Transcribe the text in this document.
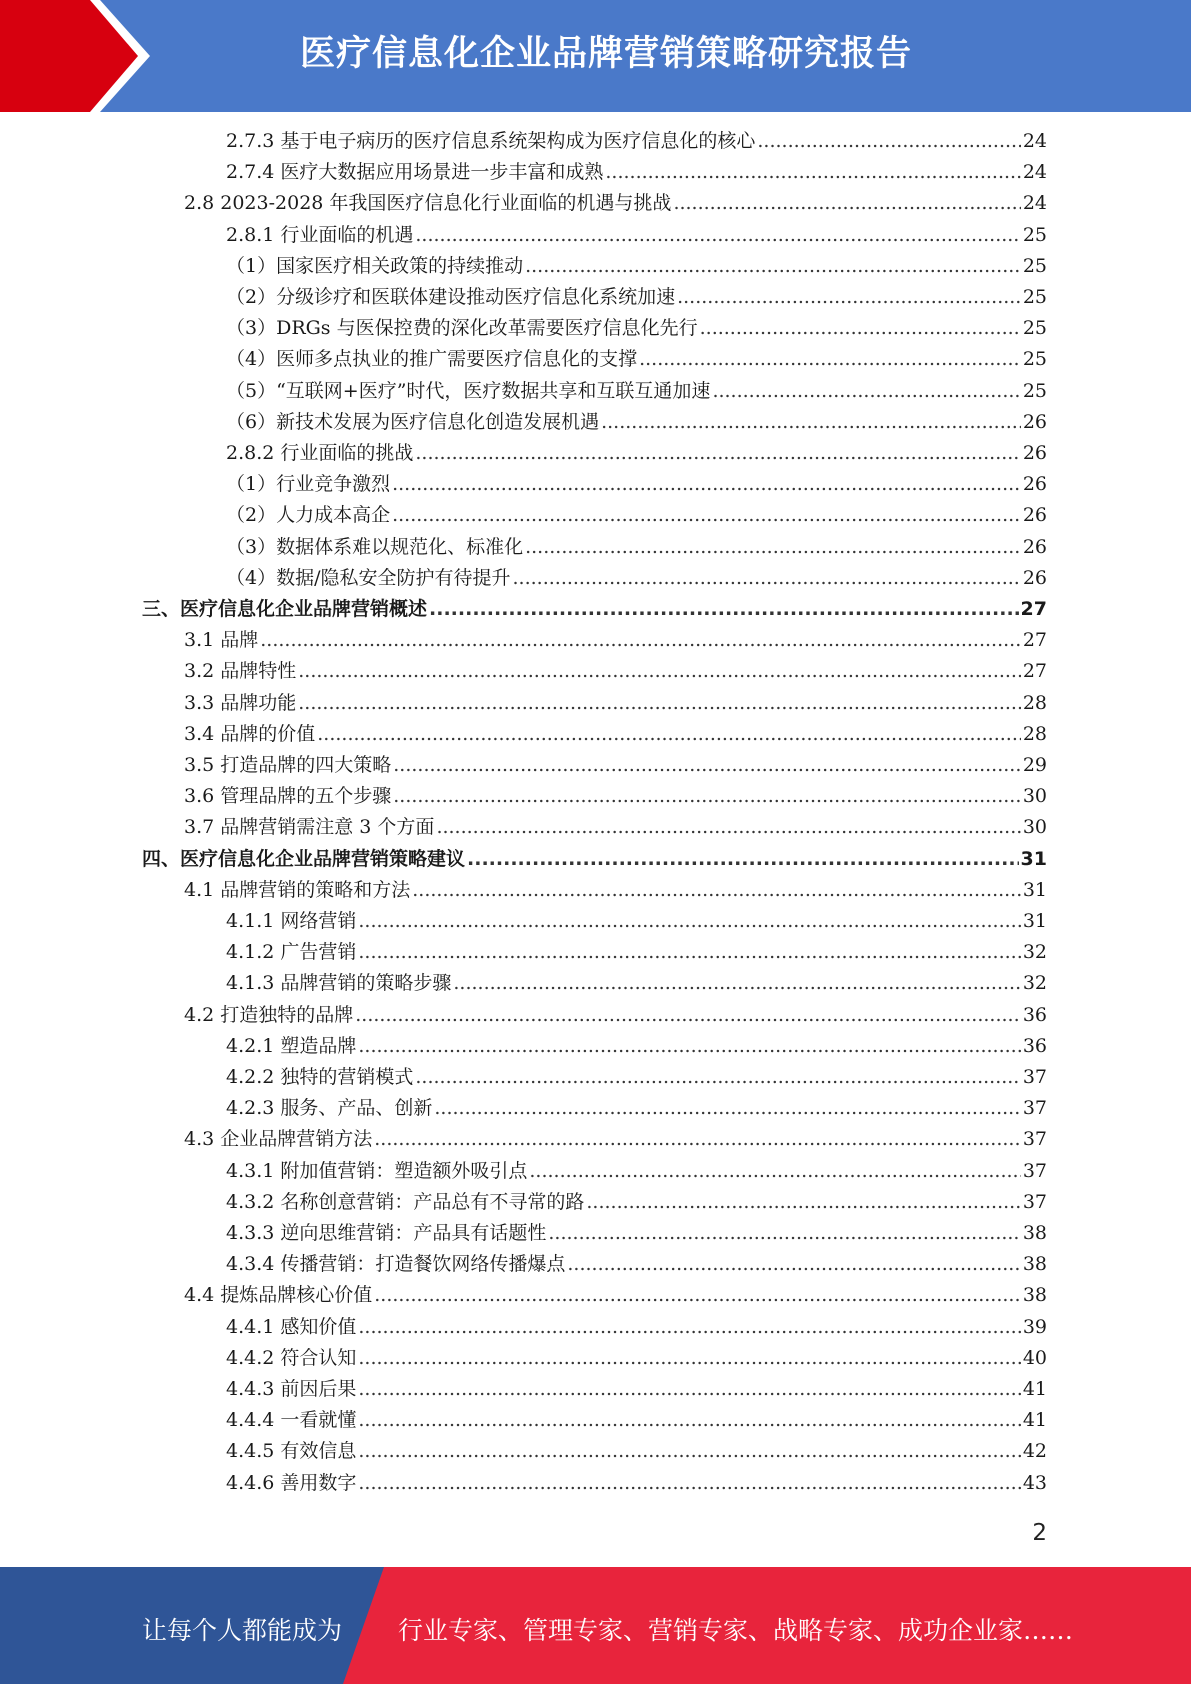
医疗信息化企业品牌营销策略研究报告
2.7.3 基于电子病历的医疗信息系统架构成为医疗信息化的核心 .....	24
2.7.4 医疗大数据应用场景进一步丰富和成熟 .....	24
2.8 2023-2028 年我国医疗信息化行业面临的机遇与挑战 .....	24
2.8.1 行业面临的机遇 .....	25
（1）国家医疗相关政策的持续推动 .....	25
（2）分级诊疗和医联体建设推动医疗信息化系统加速 .....	25
（3）DRGs 与医保控费的深化改革需要医疗信息化先行 .....	25
（4）医师多点执业的推广需要医疗信息化的支撑 .....	25
（5）“互联网+医疗”时代，医疗数据共享和互联互通加速 .....	25
（6）新技术发展为医疗信息化创造发展机遇 .....	26
2.8.2 行业面临的挑战 .....	26
（1）行业竞争激烈 .....	26
（2）人力成本高企 .....	26
（3）数据体系难以规范化、标准化 .....	26
（4）数据/隐私安全防护有待提升 .....	26
三、医疗信息化企业品牌营销概述 .....	27
3.1 品牌 .....	27
3.2 品牌特性 .....	27
3.3 品牌功能 .....	28
3.4 品牌的价值 .....	28
3.5 打造品牌的四大策略 .....	29
3.6 管理品牌的五个步骤 .....	30
3.7 品牌营销需注意 3 个方面 .....	30
四、医疗信息化企业品牌营销策略建议 .....	31
4.1 品牌营销的策略和方法 .....	31
4.1.1 网络营销 .....	31
4.1.2 广告营销 .....	32
4.1.3 品牌营销的策略步骤 .....	32
4.2 打造独特的品牌 .....	36
4.2.1 塑造品牌 .....	36
4.2.2 独特的营销模式 .....	37
4.2.3 服务、产品、创新 .....	37
4.3 企业品牌营销方法 .....	37
4.3.1 附加值营销：塑造额外吸引点 .....	37
4.3.2 名称创意营销：产品总有不寻常的路 .....	37
4.3.3 逆向思维营销：产品具有话题性 .....	38
4.3.4 传播营销：打造餐饮网络传播爆点 .....	38
4.4 提炼品牌核心价值 .....	38
4.4.1 感知价值 .....	39
4.4.2 符合认知 .....	40
4.4.3 前因后果 .....	41
4.4.4 一看就懂 .....	41
4.4.5 有效信息 .....	42
4.4.6 善用数字 .....	43
2
让每个人都能成为 行业专家、管理专家、营销专家、战略专家、成功企业家……
